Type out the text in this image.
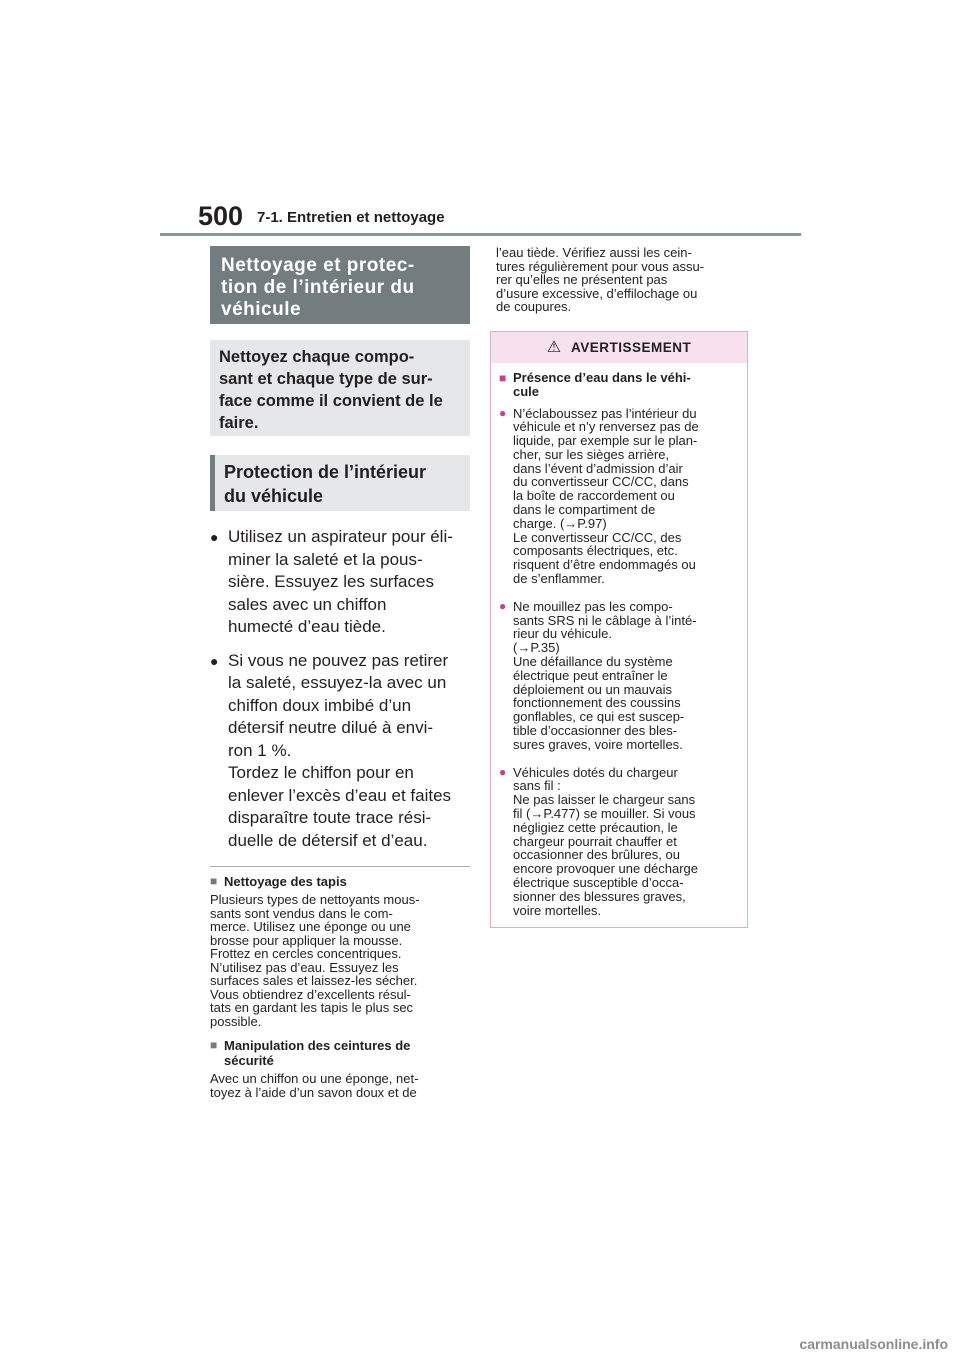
500 7-1. Entretien et nettoyage
Nettoyage et protec-
tion de l’intérieur du
véhicule
Nettoyez chaque compo-
sant et chaque type de sur-
face comme il convient de le
faire.
Protection de l’intérieur
du véhicule
● Utilisez un aspirateur pour éli-
miner la saleté et la pous-
sière. Essuyez les surfaces
sales avec un chiffon
humecté d’eau tiède.
● Si vous ne pouvez pas retirer
la saleté, essuyez-la avec un
chiffon doux imbibé d’un
détersif neutre dilué à envi-
ron 1 %.
Tordez le chiffon pour en
enlever l’excès d’eau et faites
disparaître toute trace rési-
duelle de détersif et d’eau.
■ Nettoyage des tapis
Plusieurs types de nettoyants mous-
sants sont vendus dans le com-
merce. Utilisez une éponge ou une
brosse pour appliquer la mousse.
Frottez en cercles concentriques.
N’utilisez pas d’eau. Essuyez les
surfaces sales et laissez-les sécher.
Vous obtiendrez d’excellents résul-
tats en gardant les tapis le plus sec
possible.
■ Manipulation des ceintures de
sécurité
Avec un chiffon ou une éponge, net-
toyez à l’aide d’un savon doux et de
l’eau tiède. Vérifiez aussi les cein-
tures régulièrement pour vous assu-
rer qu’elles ne présentent pas
d’usure excessive, d’effilochage ou
de coupures.
⚠ AVERTISSEMENT
■ Présence d’eau dans le véhi-
cule
● N’éclaboussez pas l’intérieur du
véhicule et n’y renversez pas de
liquide, par exemple sur le plan-
cher, sur les sièges arrière,
dans l’évent d’admission d’air
du convertisseur CC/CC, dans
la boîte de raccordement ou
dans le compartiment de
charge. (→P.97)
Le convertisseur CC/CC, des
composants électriques, etc.
risquent d’être endommagés ou
de s’enflammer.
● Ne mouillez pas les compo-
sants SRS ni le câblage à l’inté-
rieur du véhicule.
(→P.35)
Une défaillance du système
électrique peut entraîner le
déploiement ou un mauvais
fonctionnement des coussins
gonflables, ce qui est suscep-
tible d’occasionner des bles-
sures graves, voire mortelles.
● Véhicules dotés du chargeur
sans fil :
Ne pas laisser le chargeur sans
fil (→P.477) se mouiller. Si vous
négligiez cette précaution, le
chargeur pourrait chauffer et
occasionner des brûlures, ou
encore provoquer une décharge
électrique susceptible d’occa-
sionner des blessures graves,
voire mortelles.
carmanualsonline.info
